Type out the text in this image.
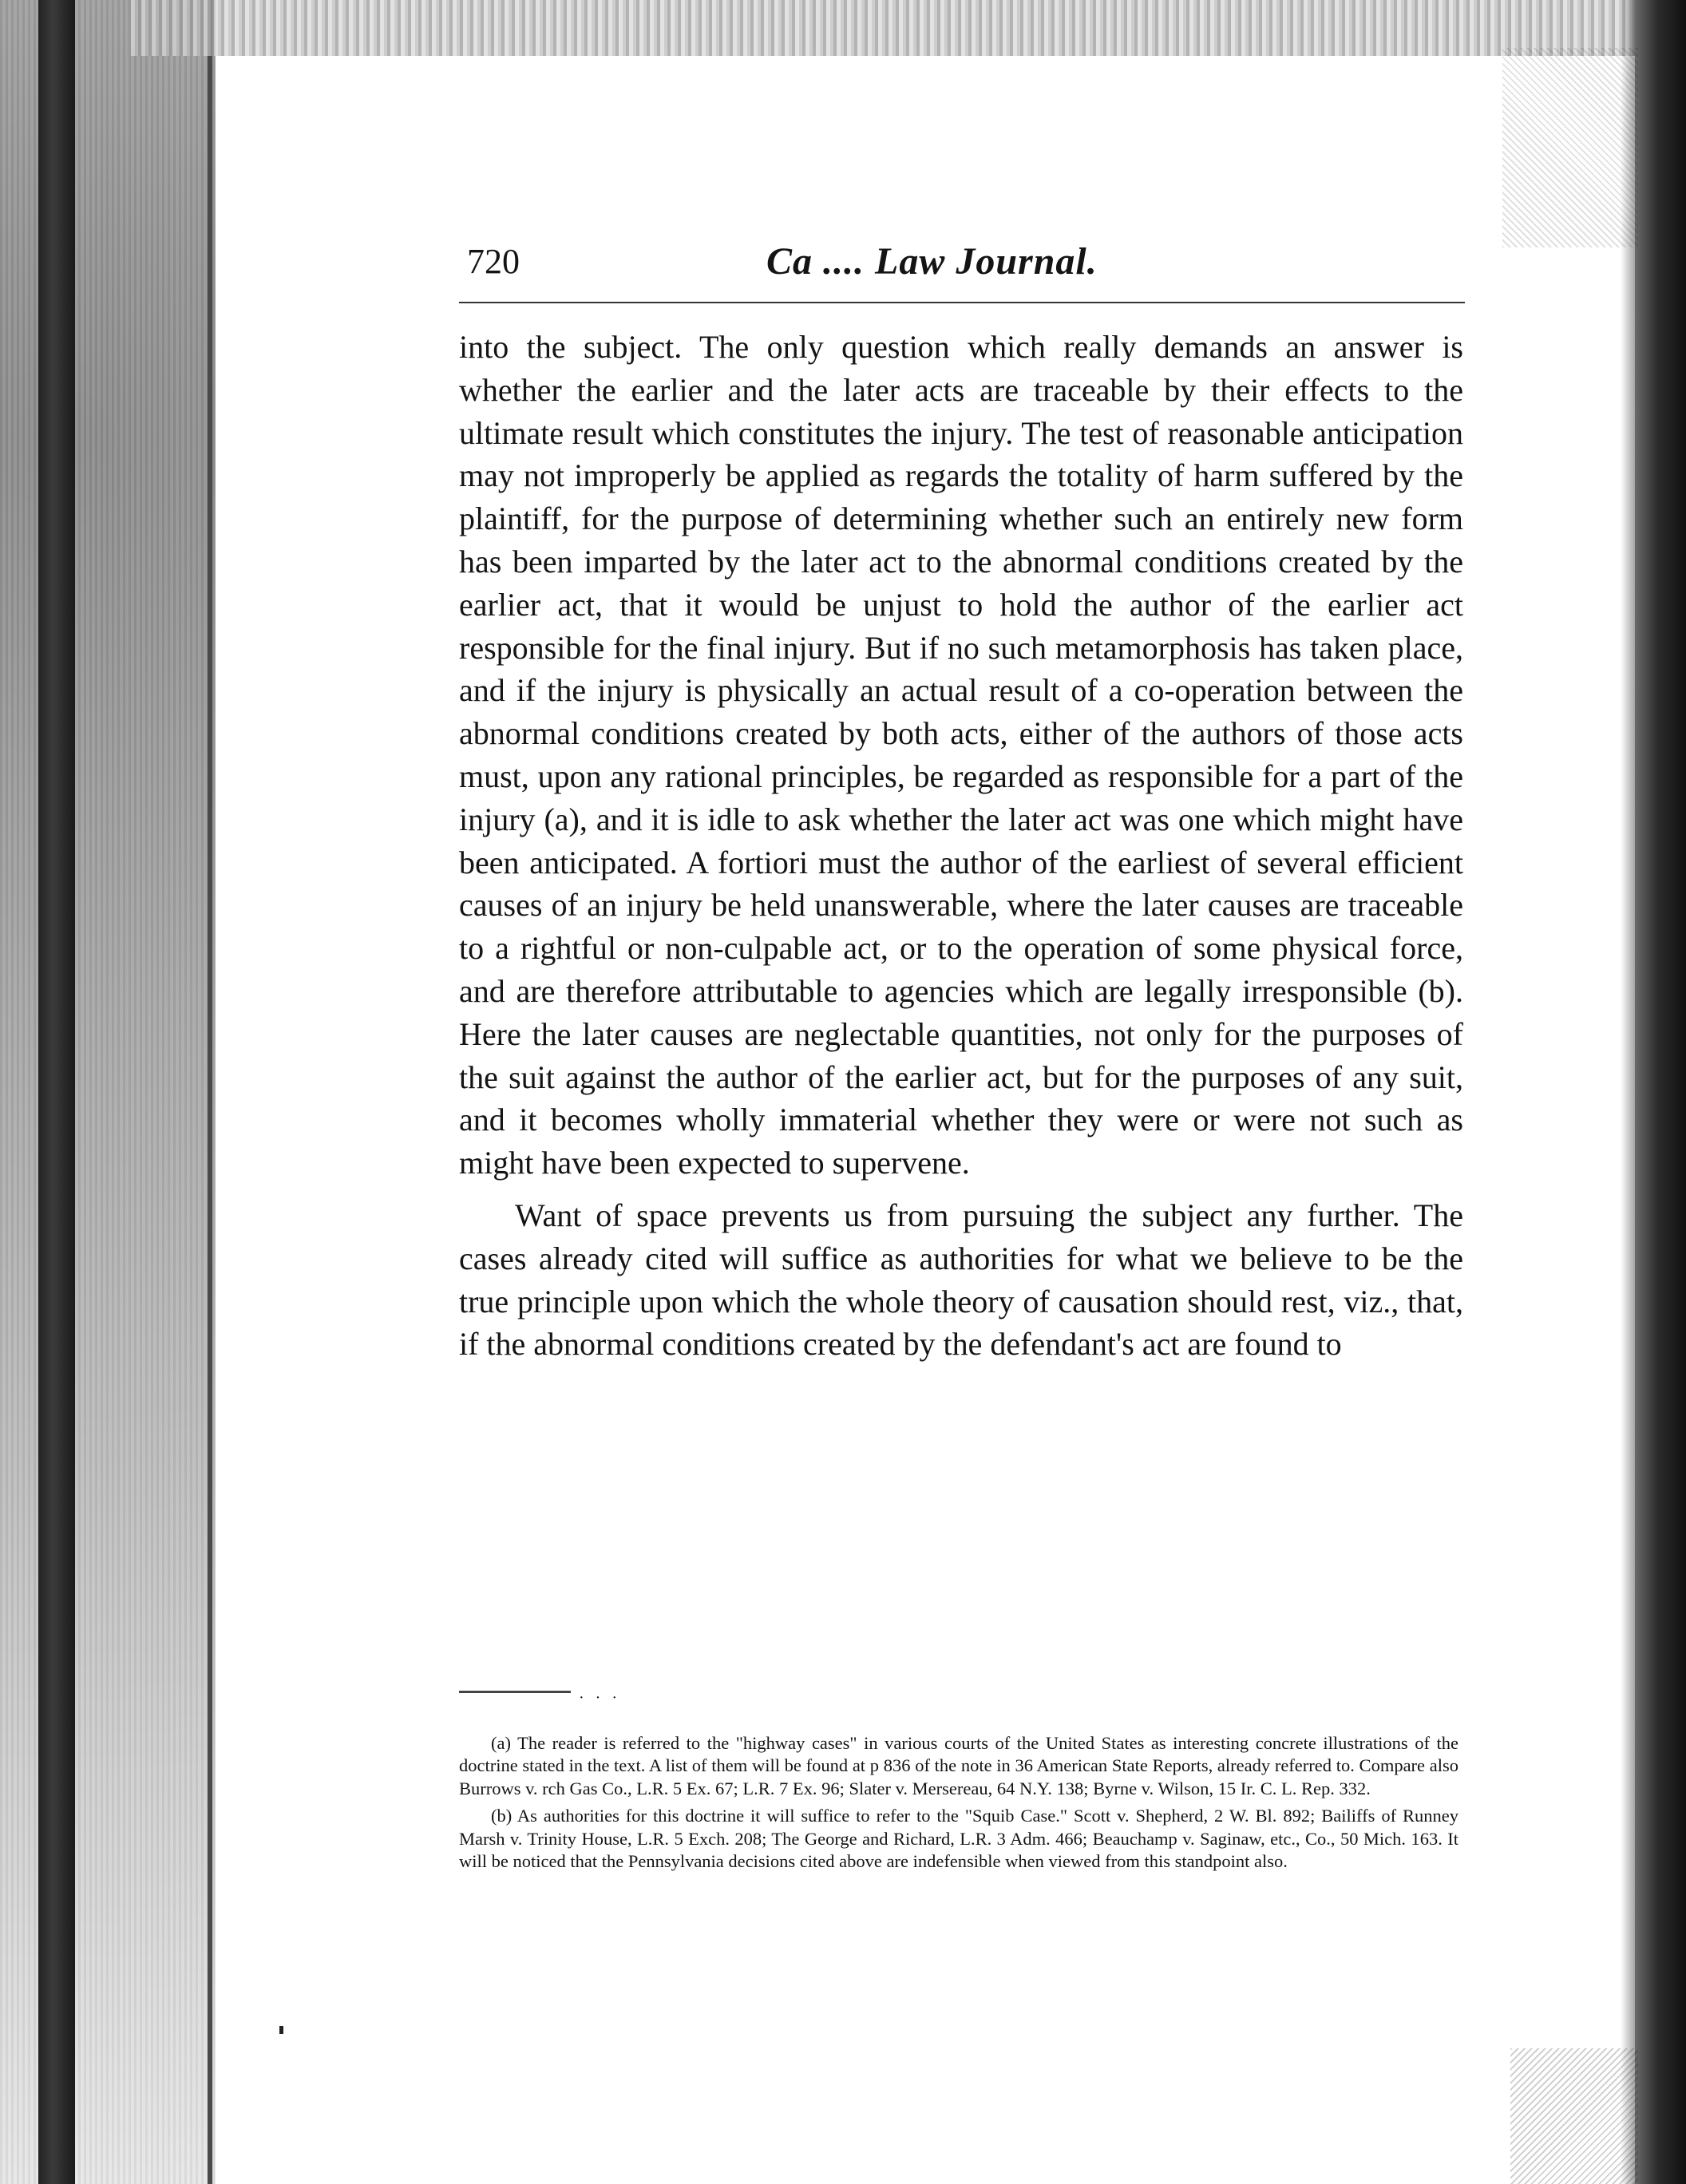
720	Ca .... Law Journal.

into the subject. The only question which really demands an answer is whether the earlier and the later acts are traceable by their effects to the ultimate result which constitutes the injury. The test of reasonable anticipation may not improperly be applied as regards the totality of harm suffered by the plaintiff, for the purpose of determining whether such an entirely new form has been imparted by the later act to the abnormal conditions created by the earlier act, that it would be unjust to hold the author of the earlier act responsible for the final injury. But if no such metamorphosis has taken place, and if the injury is physically an actual result of a co-operation between the abnormal conditions created by both acts, either of the authors of those acts must, upon any rational principles, be regarded as responsible for a part of the injury (a), and it is idle to ask whether the later act was one which might have been anticipated. A fortiori must the author of the earliest of several efficient causes of an injury be held unanswerable, where the later causes are traceable to a rightful or non-culpable act, or to the operation of some physical force, and are therefore attributable to agencies which are legally irresponsible (b). Here the later causes are neglectable quantities, not only for the purposes of the suit against the author of the earlier act, but for the purposes of any suit, and it becomes wholly immaterial whether they were or were not such as might have been expected to supervene.

Want of space prevents us from pursuing the subject any further. The cases already cited will suffice as authorities for what we believe to be the true principle upon which the whole theory of causation should rest, viz., that, if the abnormal conditions created by the defendant's act are found to

···

(a) The reader is referred to the "highway cases" in various courts of the United States as interesting concrete illustrations of the doctrine stated in the text. A list of them will be found at p 836 of the note in 36 American State Reports, already referred to. Compare also Burrows v. rch Gas Co., L.R. 5 Ex. 67; L.R. 7 Ex. 96; Slater v. Mersereau, 64 N.Y. 138; Byrne v. Wilson, 15 Ir. C. L. Rep. 332.

(b) As authorities for this doctrine it will suffice to refer to the "Squib Case." Scott v. Shepherd, 2 W. Bl. 892; Bailiffs of Runney Marsh v. Trinity House, L.R. 5 Exch. 208; The George and Richard, L.R. 3 Adm. 466; Beauchamp v. Saginaw, etc., Co., 50 Mich. 163. It will be noticed that the Pennsylvania decisions cited above are indefensible when viewed from this standpoint also.
